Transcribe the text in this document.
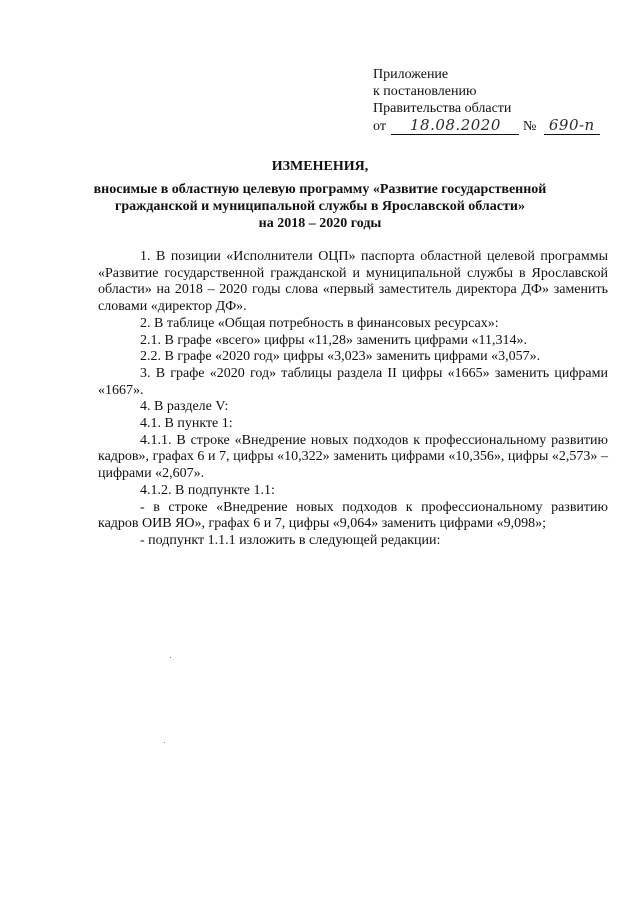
Приложение
к постановлению
Правительства области
от 18.08.2020 № 690-п
ИЗМЕНЕНИЯ,
вносимые в областную целевую программу «Развитие государственной
гражданской и муниципальной службы в Ярославской области»
на 2018 – 2020 годы

1. В позиции «Исполнители ОЦП» паспорта областной целевой программы «Развитие государственной гражданской и муниципальной службы в Ярославской области» на 2018 – 2020 годы слова «первый заместитель директора ДФ» заменить словами «директор ДФ».

2. В таблице «Общая потребность в финансовых ресурсах»:

2.1. В графе «всего» цифры «11,28» заменить цифрами «11,314».

2.2. В графе «2020 год» цифры «3,023» заменить цифрами «3,057».

3. В графе «2020 год» таблицы раздела II цифры «1665» заменить цифрами «1667».

4. В разделе V:

4.1. В пункте 1:

4.1.1. В строке «Внедрение новых подходов к профессиональному развитию кадров», графах 6 и 7, цифры «10,322» заменить цифрами «10,356», цифры «2,573» – цифрами «2,607».

4.1.2. В подпункте 1.1:

- в строке «Внедрение новых подходов к профессиональному развитию кадров ОИВ ЯО», графах 6 и 7, цифры «9,064» заменить цифрами «9,098»;

- подпункт 1.1.1 изложить в следующей редакции:
